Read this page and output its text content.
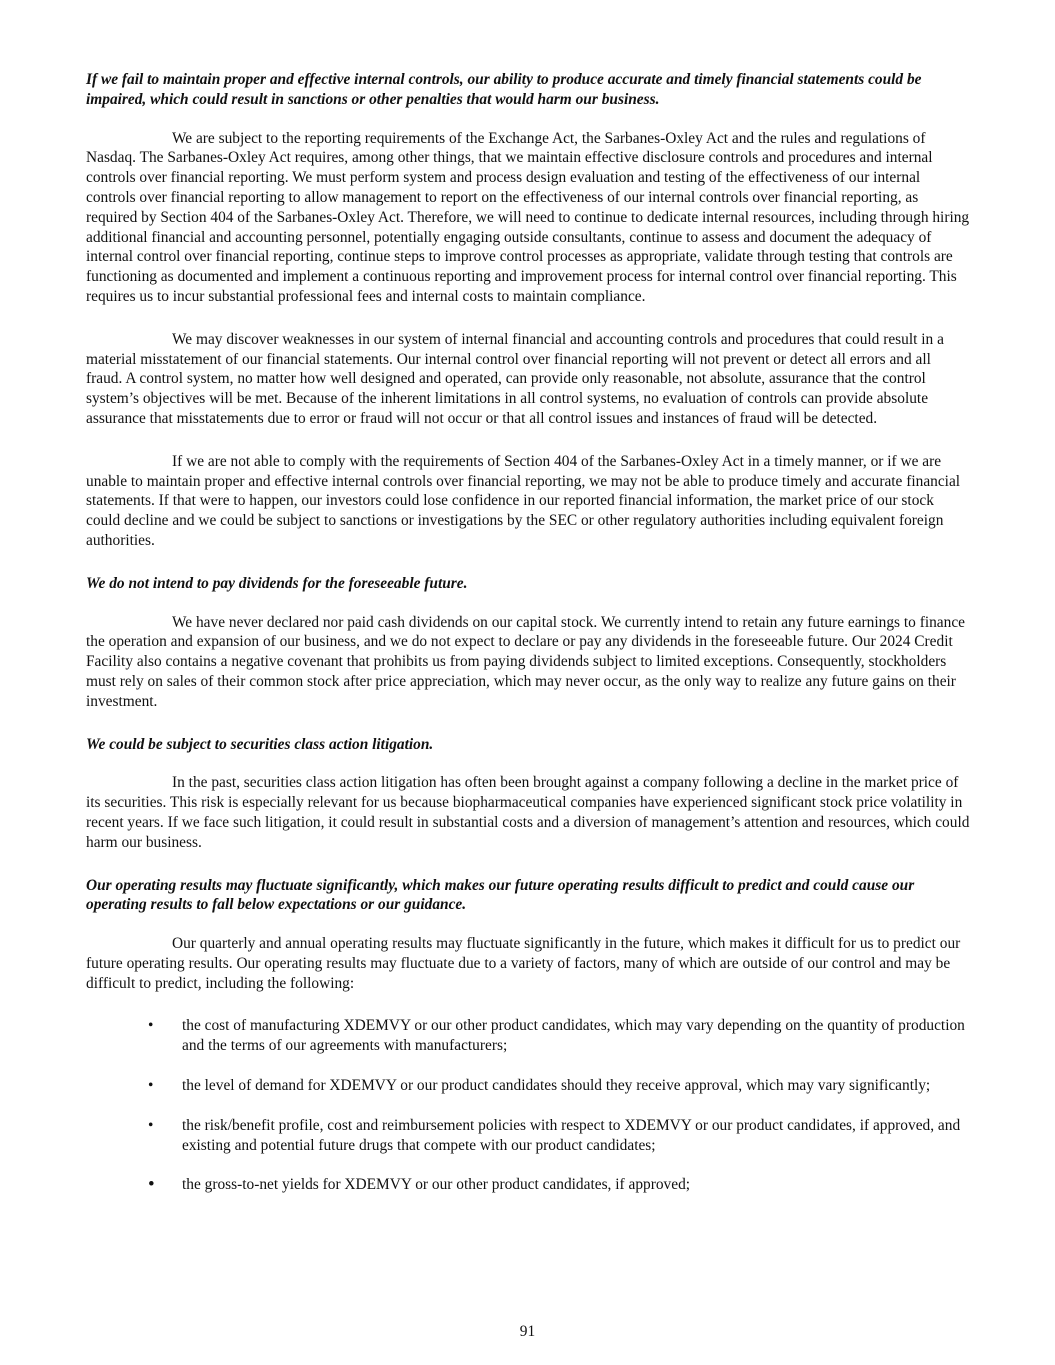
If we fail to maintain proper and effective internal controls, our ability to produce accurate and timely financial statements could be impaired, which could result in sanctions or other penalties that would harm our business.

We are subject to the reporting requirements of the Exchange Act, the Sarbanes-Oxley Act and the rules and regulations of Nasdaq. The Sarbanes-Oxley Act requires, among other things, that we maintain effective disclosure controls and procedures and internal controls over financial reporting. We must perform system and process design evaluation and testing of the effectiveness of our internal controls over financial reporting to allow management to report on the effectiveness of our internal controls over financial reporting, as required by Section 404 of the Sarbanes-Oxley Act. Therefore, we will need to continue to dedicate internal resources, including through hiring additional financial and accounting personnel, potentially engaging outside consultants, continue to assess and document the adequacy of internal control over financial reporting, continue steps to improve control processes as appropriate, validate through testing that controls are functioning as documented and implement a continuous reporting and improvement process for internal control over financial reporting. This requires us to incur substantial professional fees and internal costs to maintain compliance.

We may discover weaknesses in our system of internal financial and accounting controls and procedures that could result in a material misstatement of our financial statements. Our internal control over financial reporting will not prevent or detect all errors and all fraud. A control system, no matter how well designed and operated, can provide only reasonable, not absolute, assurance that the control system’s objectives will be met. Because of the inherent limitations in all control systems, no evaluation of controls can provide absolute assurance that misstatements due to error or fraud will not occur or that all control issues and instances of fraud will be detected.

If we are not able to comply with the requirements of Section 404 of the Sarbanes-Oxley Act in a timely manner, or if we are unable to maintain proper and effective internal controls over financial reporting, we may not be able to produce timely and accurate financial statements. If that were to happen, our investors could lose confidence in our reported financial information, the market price of our stock could decline and we could be subject to sanctions or investigations by the SEC or other regulatory authorities including equivalent foreign authorities.

We do not intend to pay dividends for the foreseeable future.

We have never declared nor paid cash dividends on our capital stock. We currently intend to retain any future earnings to finance the operation and expansion of our business, and we do not expect to declare or pay any dividends in the foreseeable future. Our 2024 Credit Facility also contains a negative covenant that prohibits us from paying dividends subject to limited exceptions. Consequently, stockholders must rely on sales of their common stock after price appreciation, which may never occur, as the only way to realize any future gains on their investment.

We could be subject to securities class action litigation.

In the past, securities class action litigation has often been brought against a company following a decline in the market price of its securities. This risk is especially relevant for us because biopharmaceutical companies have experienced significant stock price volatility in recent years. If we face such litigation, it could result in substantial costs and a diversion of management’s attention and resources, which could harm our business.

Our operating results may fluctuate significantly, which makes our future operating results difficult to predict and could cause our operating results to fall below expectations or our guidance.

Our quarterly and annual operating results may fluctuate significantly in the future, which makes it difficult for us to predict our future operating results. Our operating results may fluctuate due to a variety of factors, many of which are outside of our control and may be difficult to predict, including the following:

• the cost of manufacturing XDEMVY or our other product candidates, which may vary depending on the quantity of production and the terms of our agreements with manufacturers;
• the level of demand for XDEMVY or our product candidates should they receive approval, which may vary significantly;
• the risk/benefit profile, cost and reimbursement policies with respect to XDEMVY or our product candidates, if approved, and existing and potential future drugs that compete with our product candidates;
• the gross-to-net yields for XDEMVY or our other product candidates, if approved;
91
